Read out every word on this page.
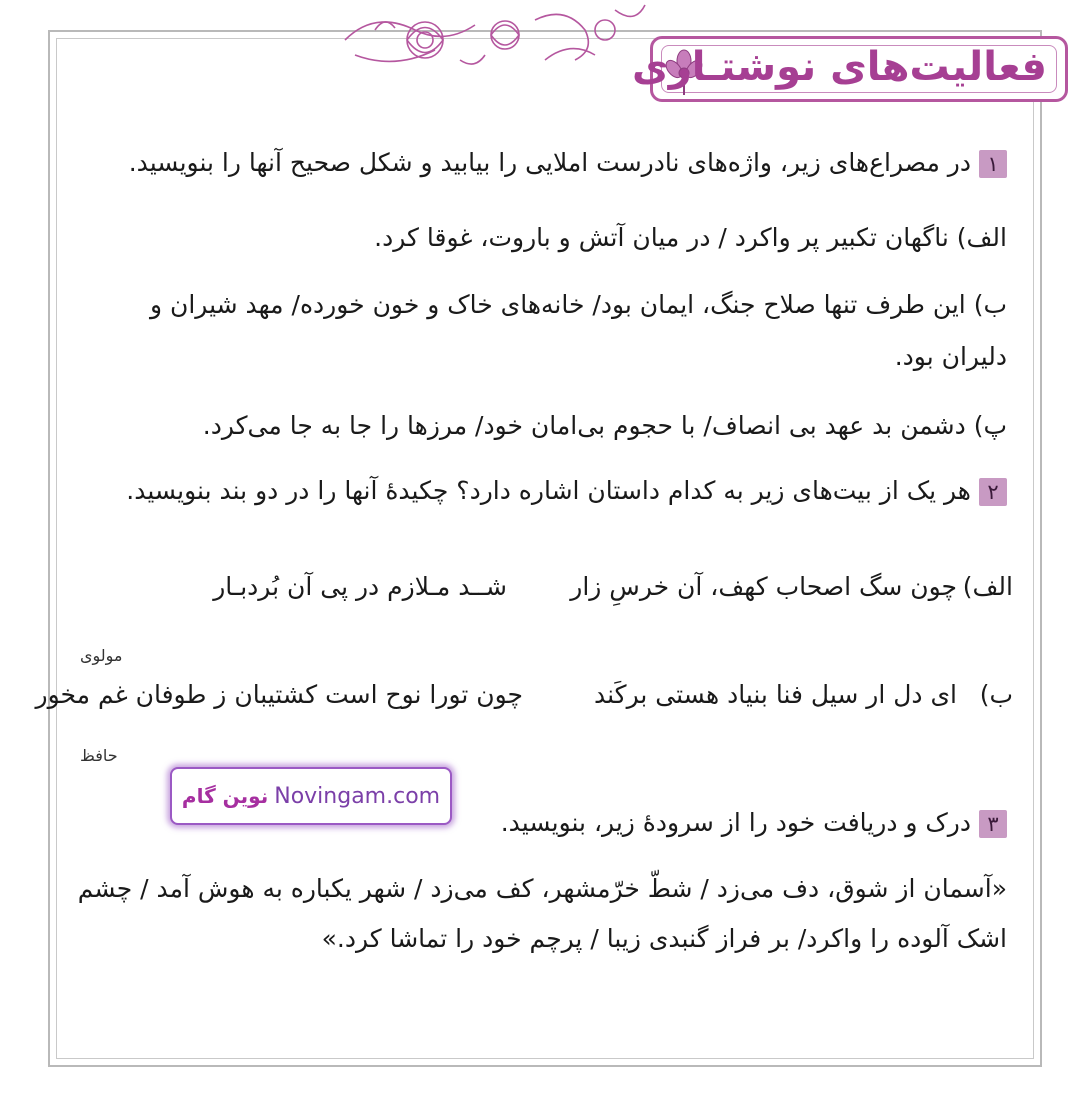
فعالیت‌های نوشتـاری
۱در مصراع‌های زیر، واژه‌های نادرست املایی را بیابید و شکل صحیح آنها را بنویسید.
الف) ناگهان تکبیر پر واکرد / در میان آتش و باروت، غوقا کرد.
ب) این طرف تنها صلاح جنگ، ایمان بود/ خانه‌های خاک و خون خورده/ مهد شیران و
دلیران بود.
پ) دشمن بد عهد بی انصاف/ با حجوم بی‌امان خود/ مرزها را جا به جا می‌کرد.
۲هر یک از بیت‌های زیر به کدام داستان اشاره دارد؟ چکیدهٔ آنها را در دو بند بنویسید.
الف)
چون سگ اصحاب کهف، آن خرسِ زار
شــد مـلازم در پی آن بُردبـار
مولوی
ب)
ای دل ار سیل فنا بنیاد هستی برکَند
چون تورا نوح است کشتیبان ز طوفان غم مخور
حافظ
نوین گام Novingam.com
۳درک و دریافت خود را از سرودهٔ زیر، بنویسید.
«آسمان از شوق، دف می‌زد / شطّ خرّمشهر، کف می‌زد / شهر یکباره به هوش آمد / چشم
اشک آلوده را واکرد/ بر فراز گنبدی زیبا / پرچم خود را تماشا کرد.»
